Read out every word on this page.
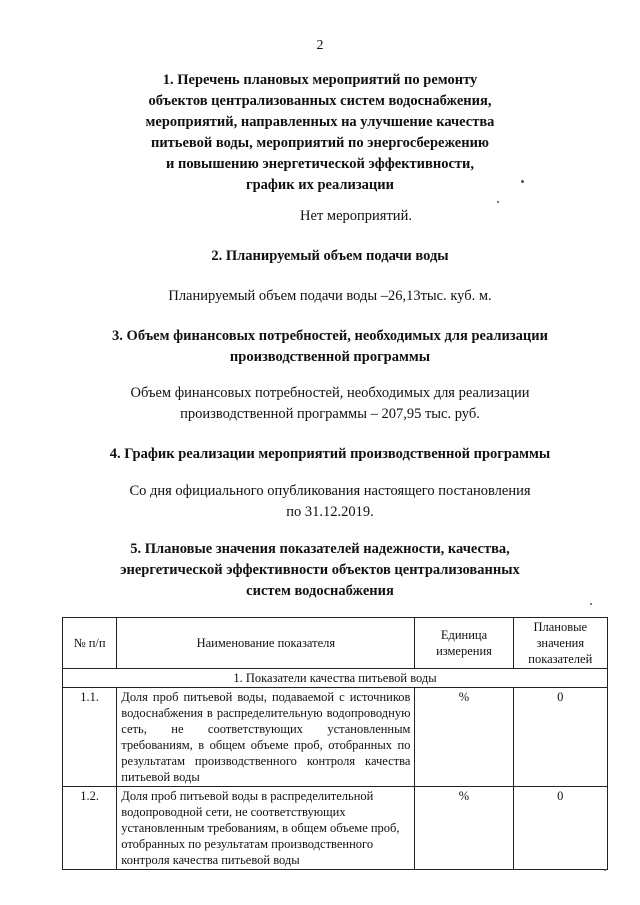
2
1. Перечень плановых мероприятий по ремонту
объектов централизованных систем водоснабжения,
мероприятий, направленных на улучшение качества
питьевой воды, мероприятий по энергосбережению
и повышению энергетической эффективности,
график их реализации
Нет мероприятий.
2. Планируемый объем подачи воды
Планируемый объем подачи воды –26,13тыс. куб. м.
3. Объем финансовых потребностей, необходимых для реализации
производственной программы
Объем финансовых потребностей, необходимых для реализации
производственной программы – 207,95 тыс. руб.
4. График реализации мероприятий производственной программы
Со дня официального опубликования настоящего постановления
по 31.12.2019.
5. Плановые значения показателей надежности, качества,
энергетической эффективности объектов централизованных
систем водоснабжения
№ п/п	Наименование показателя	Единица измерения	Плановые значения показателей
1. Показатели качества питьевой воды			
1.1.	Доля проб питьевой воды, подаваемой с источников водоснабжения в распределительную водопроводную сеть, не соответствующих установленным требованиям, в общем объеме проб, отобранных по результатам производственного контроля качества питьевой воды	%	0
1.2.	Доля проб питьевой воды в распределительной водопроводной сети, не соответствующих установленным требованиям, в общем объеме проб, отобранных по результатам производственного контроля качества питьевой воды	%	0
